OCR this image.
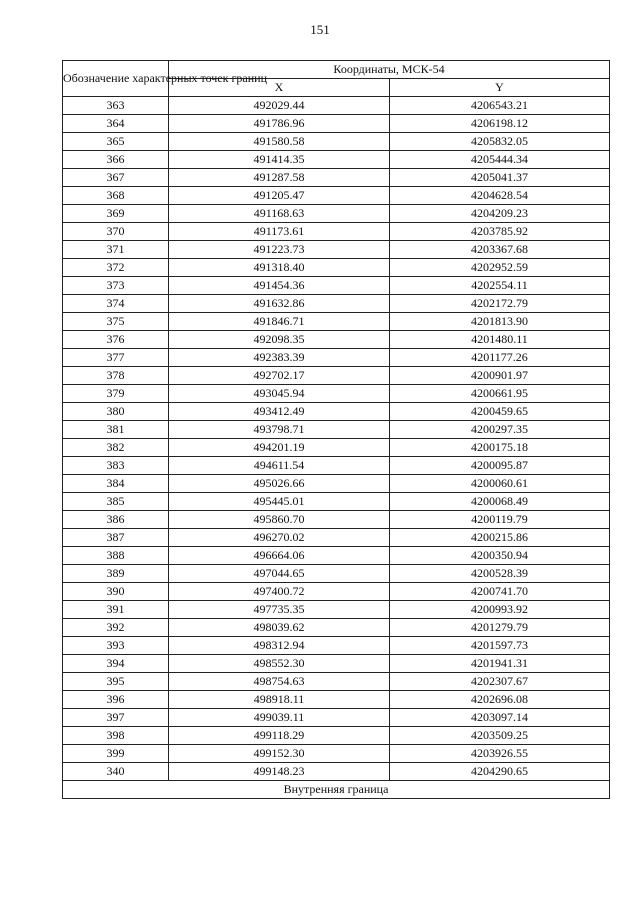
151
Обозначение характерных точек границ	Координаты, МСК-54	
	X	Y
363	492029.44	4206543.21
364	491786.96	4206198.12
365	491580.58	4205832.05
366	491414.35	4205444.34
367	491287.58	4205041.37
368	491205.47	4204628.54
369	491168.63	4204209.23
370	491173.61	4203785.92
371	491223.73	4203367.68
372	491318.40	4202952.59
373	491454.36	4202554.11
374	491632.86	4202172.79
375	491846.71	4201813.90
376	492098.35	4201480.11
377	492383.39	4201177.26
378	492702.17	4200901.97
379	493045.94	4200661.95
380	493412.49	4200459.65
381	493798.71	4200297.35
382	494201.19	4200175.18
383	494611.54	4200095.87
384	495026.66	4200060.61
385	495445.01	4200068.49
386	495860.70	4200119.79
387	496270.02	4200215.86
388	496664.06	4200350.94
389	497044.65	4200528.39
390	497400.72	4200741.70
391	497735.35	4200993.92
392	498039.62	4201279.79
393	498312.94	4201597.73
394	498552.30	4201941.31
395	498754.63	4202307.67
396	498918.11	4202696.08
397	499039.11	4203097.14
398	499118.29	4203509.25
399	499152.30	4203926.55
340	499148.23	4204290.65
Внутренняя граница		
